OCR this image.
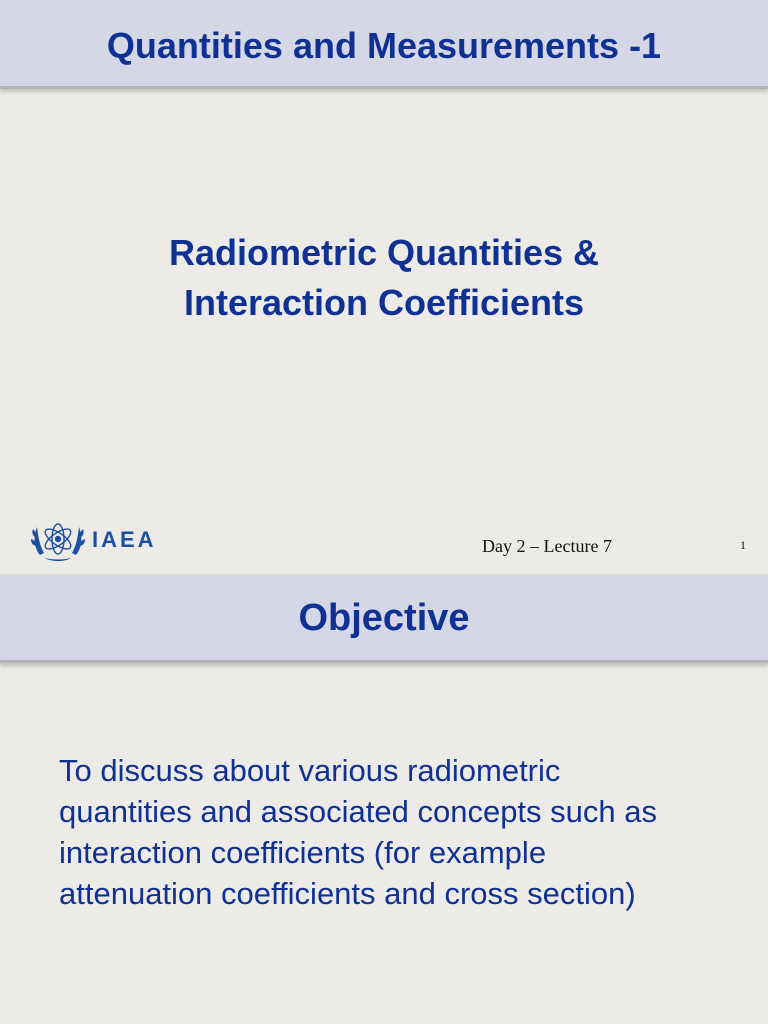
Quantities and Measurements -1
Radiometric Quantities &
Interaction Coefficients
IAEA	Day 2 – Lecture 7	1
Objective
To discuss about various radiometric
quantities and associated concepts such as
interaction coefficients (for example
attenuation coefficients and cross section)
